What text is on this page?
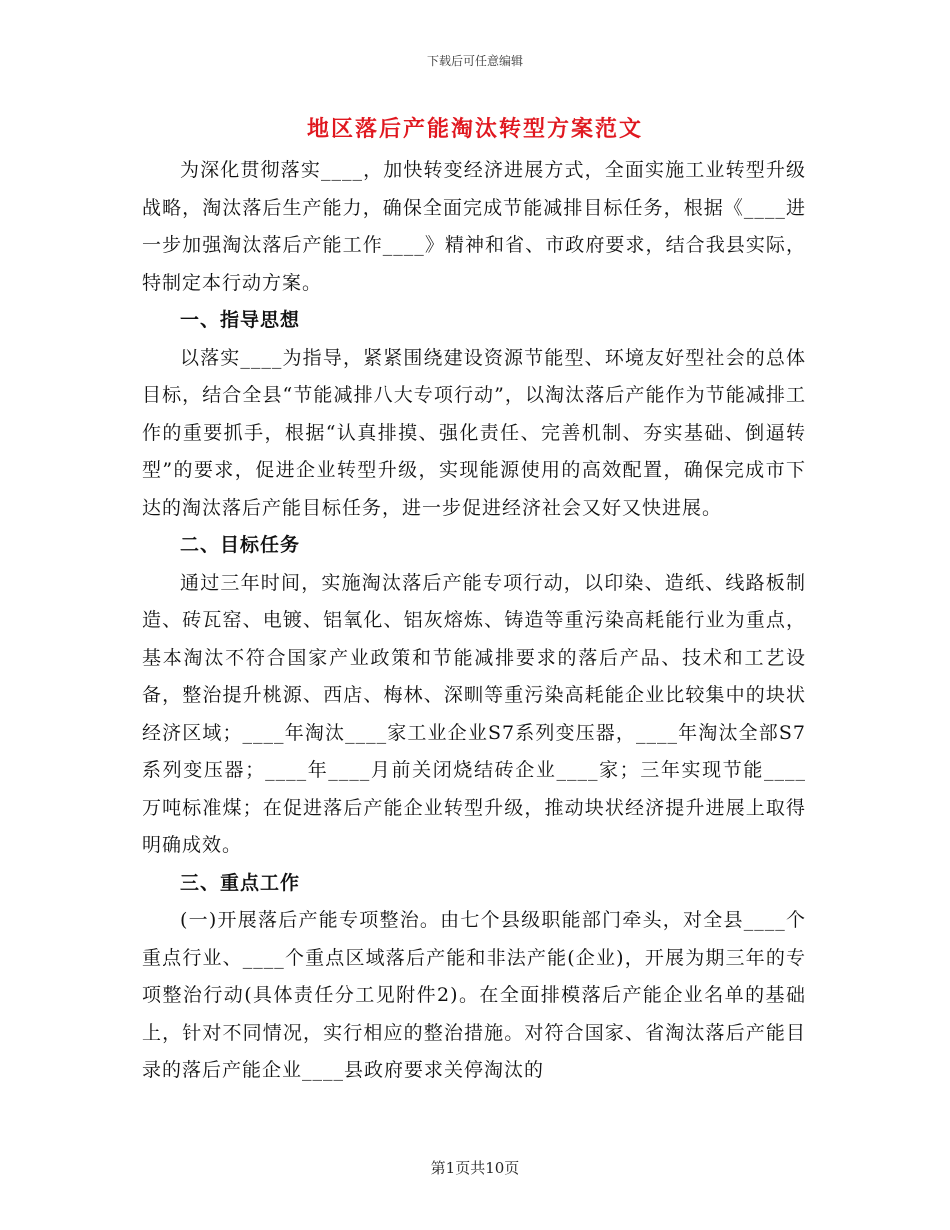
下载后可任意编辑
地区落后产能淘汰转型方案范文

为深化贯彻落实____，加快转变经济进展方式，全面实施工业转型升级战略，淘汰落后生产能力，确保全面完成节能减排目标任务，根据《____进一步加强淘汰落后产能工作____》精神和省、市政府要求，结合我县实际，特制定本行动方案。

一、指导思想

以落实____为指导，紧紧围绕建设资源节能型、环境友好型社会的总体目标，结合全县“节能减排八大专项行动”，以淘汰落后产能作为节能减排工作的重要抓手，根据“认真排摸、强化责任、完善机制、夯实基础、倒逼转型”的要求，促进企业转型升级，实现能源使用的高效配置，确保完成市下达的淘汰落后产能目标任务，进一步促进经济社会又好又快进展。

二、目标任务

通过三年时间，实施淘汰落后产能专项行动，以印染、造纸、线路板制造、砖瓦窑、电镀、铝氧化、铝灰熔炼、铸造等重污染高耗能行业为重点，基本淘汰不符合国家产业政策和节能减排要求的落后产品、技术和工艺设备，整治提升桃源、西店、梅林、深甽等重污染高耗能企业比较集中的块状经济区域；____年淘汰____家工业企业S7系列变压器，____年淘汰全部S7系列变压器；____年____月前关闭烧结砖企业____家；三年实现节能____万吨标准煤；在促进落后产能企业转型升级，推动块状经济提升进展上取得明确成效。

三、重点工作

(一)开展落后产能专项整治。由七个县级职能部门牵头，对全县____个重点行业、____个重点区域落后产能和非法产能(企业)，开展为期三年的专项整治行动(具体责任分工见附件2)。在全面排模落后产能企业名单的基础上，针对不同情况，实行相应的整治措施。对符合国家、省淘汰落后产能目录的落后产能企业____县政府要求关停淘汰的

第1页共10页
